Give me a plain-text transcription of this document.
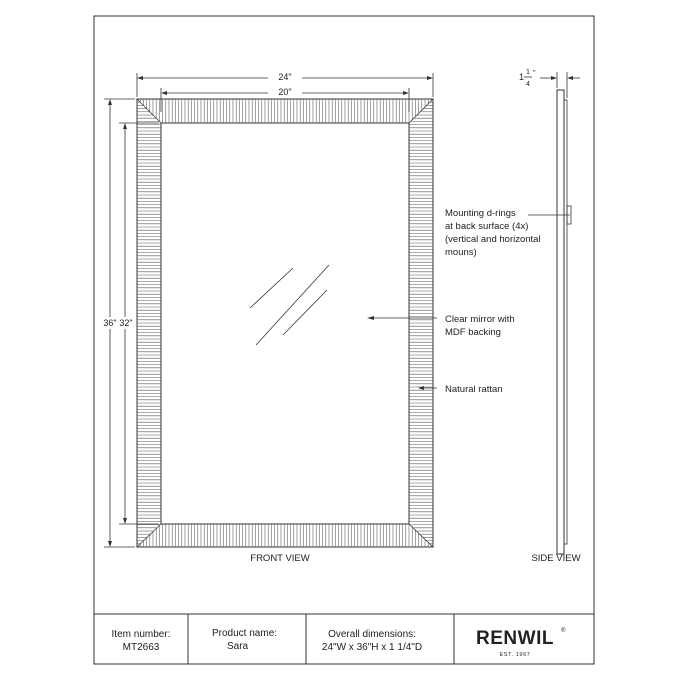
24"
20"
36" 32"
Mounting d-rings at back surface (4x) (vertical and horizontal mouns)
Clear mirror with MDF backing
Natural rattan
1 1
4
"
FRONT VIEW	SIDE VIEW
Item number:
MT2663
Product name:
Sara
Overall dimensions:
24"W x 36"H x 1 1/4"D	RENWIL ®
EST. 1967
